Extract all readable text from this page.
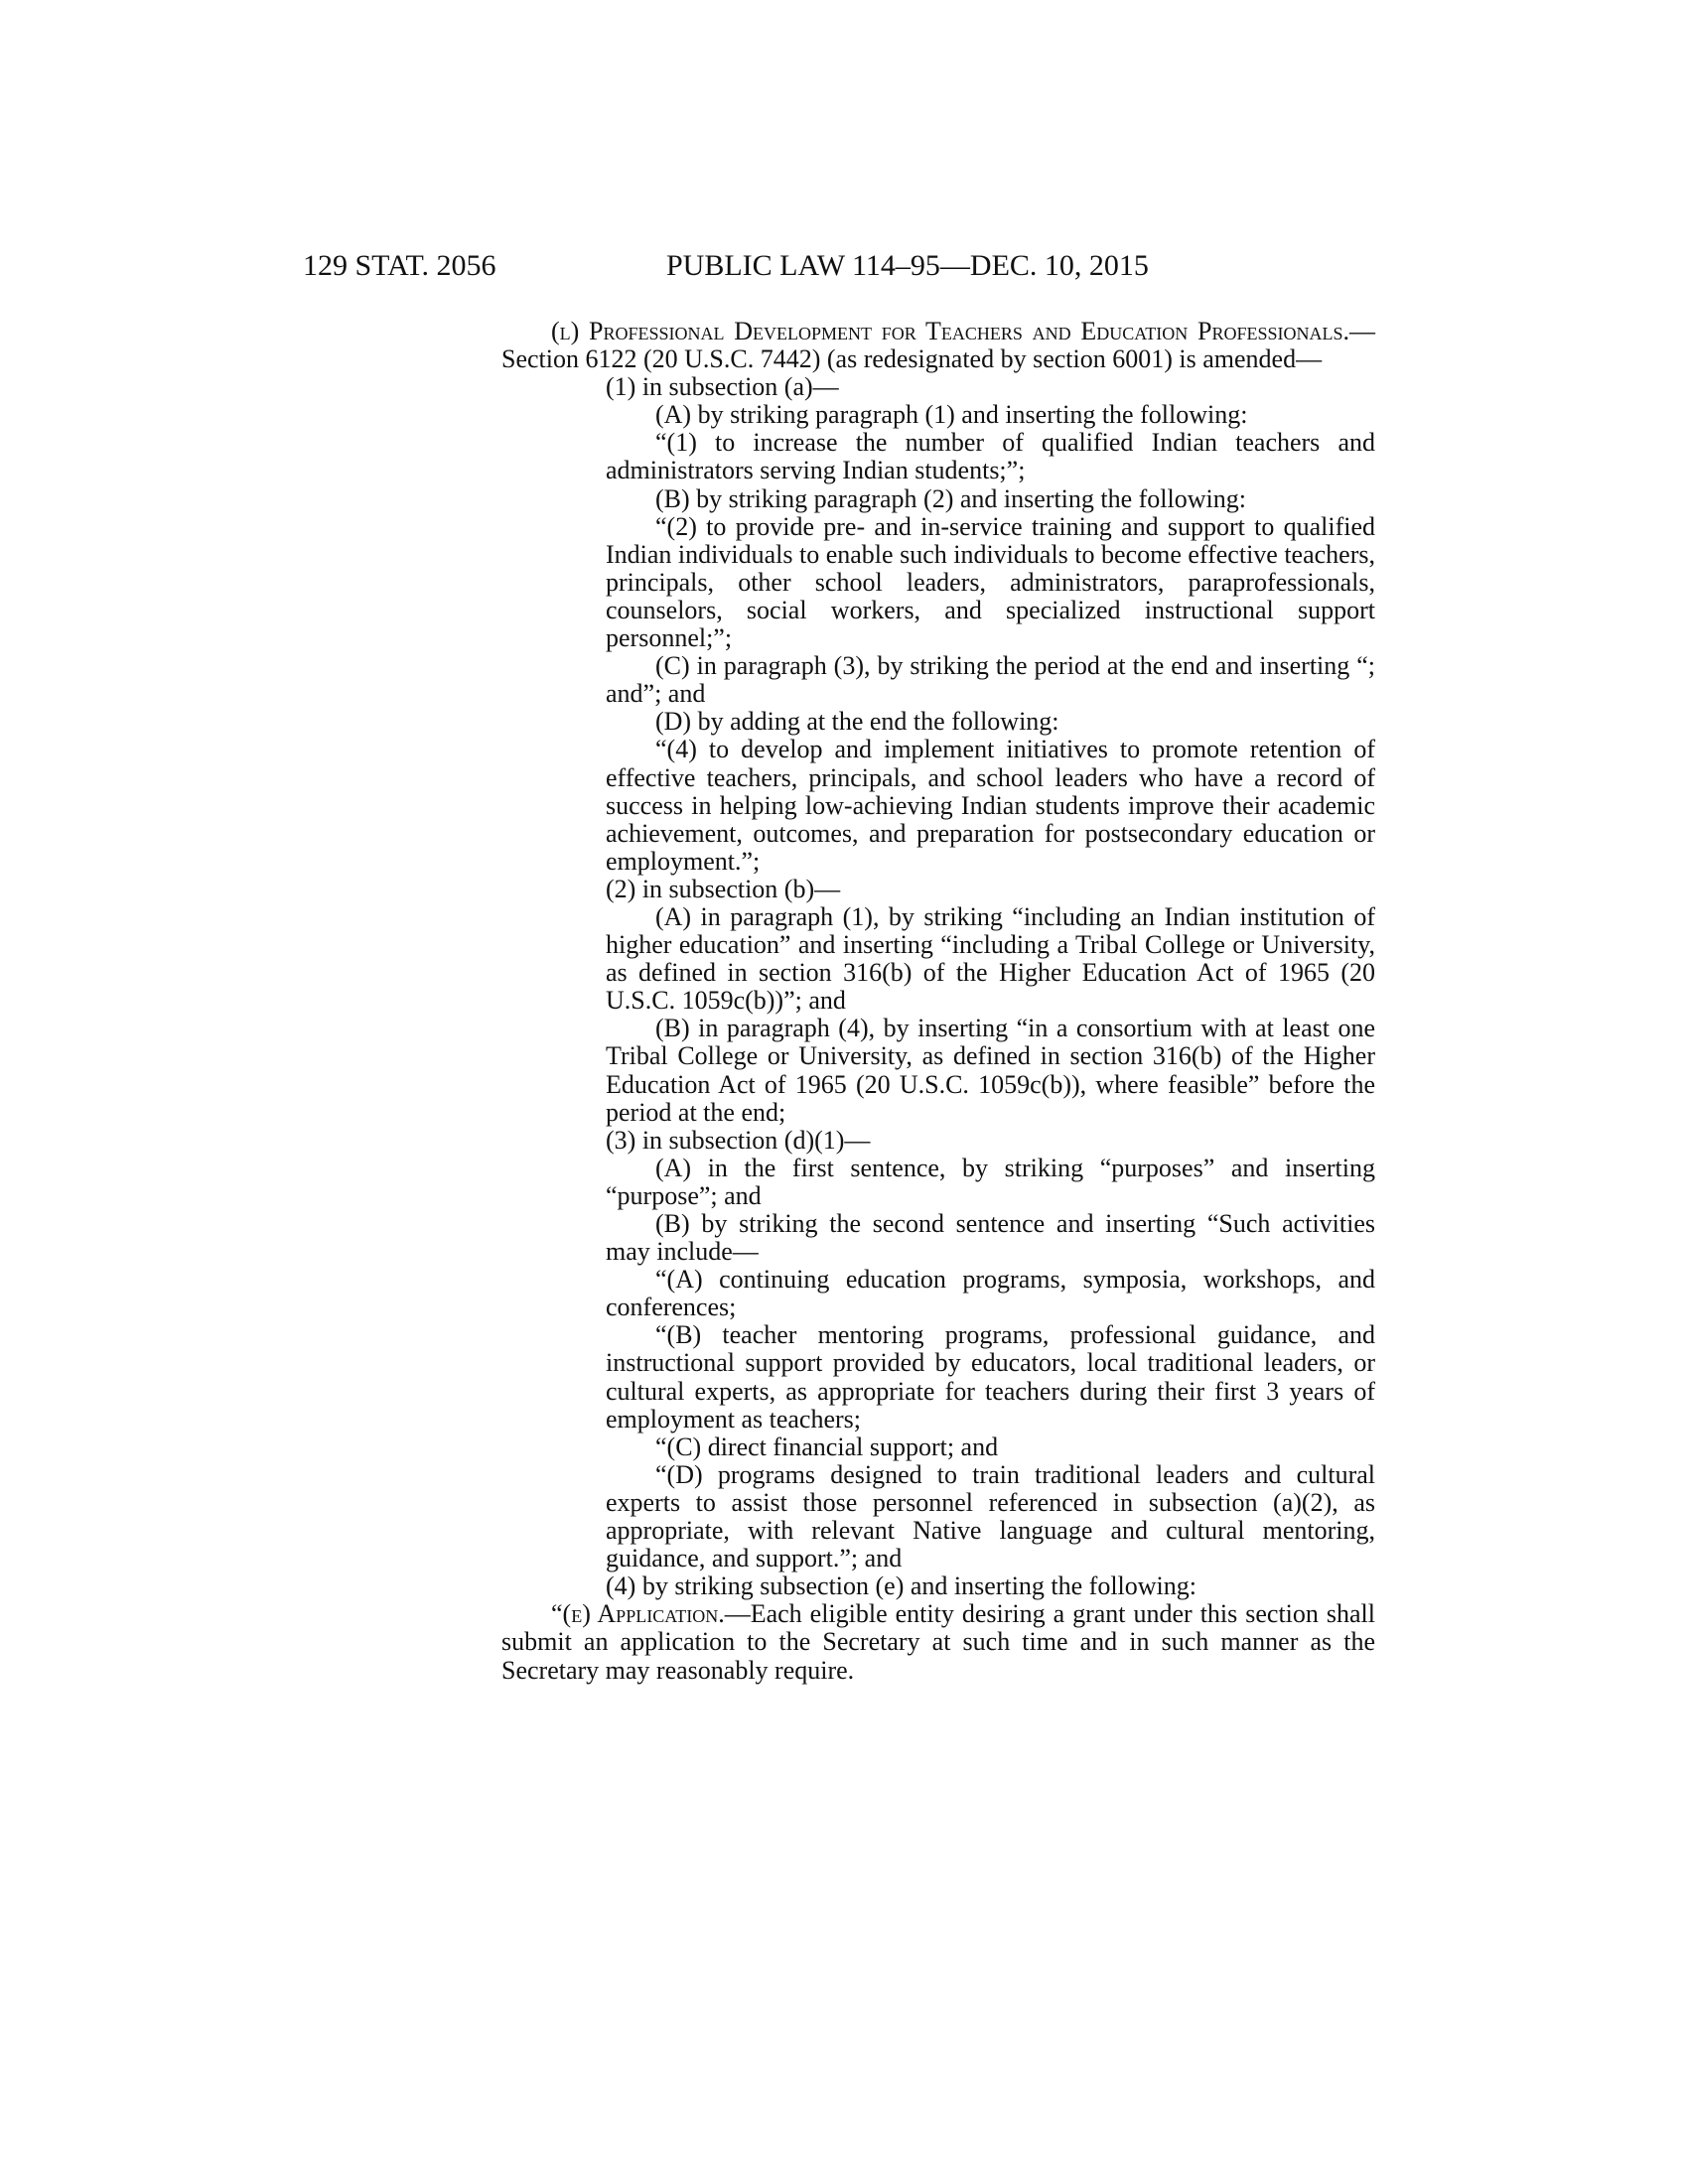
129 STAT. 2056	PUBLIC LAW 114–95—DEC. 10, 2015

(l) Professional Development for Teachers and Education Professionals.—Section 6122 (20 U.S.C. 7442) (as redesignated by section 6001) is amended—

(1) in subsection (a)—

(A) by striking paragraph (1) and inserting the following:

“(1) to increase the number of qualified Indian teachers and administrators serving Indian students;”;

(B) by striking paragraph (2) and inserting the following:

“(2) to provide pre- and in-service training and support to qualified Indian individuals to enable such individuals to become effective teachers, principals, other school leaders, administrators, paraprofessionals, counselors, social workers, and specialized instructional support personnel;”;

(C) in paragraph (3), by striking the period at the end and inserting “; and”; and

(D) by adding at the end the following:

“(4) to develop and implement initiatives to promote retention of effective teachers, principals, and school leaders who have a record of success in helping low-achieving Indian students improve their academic achievement, outcomes, and preparation for postsecondary education or employment.”;

(2) in subsection (b)—

(A) in paragraph (1), by striking “including an Indian institution of higher education” and inserting “including a Tribal College or University, as defined in section 316(b) of the Higher Education Act of 1965 (20 U.S.C. 1059c(b))”; and

(B) in paragraph (4), by inserting “in a consortium with at least one Tribal College or University, as defined in section 316(b) of the Higher Education Act of 1965 (20 U.S.C. 1059c(b)), where feasible” before the period at the end;

(3) in subsection (d)(1)—

(A) in the first sentence, by striking “purposes” and inserting “purpose”; and

(B) by striking the second sentence and inserting “Such activities may include—

“(A) continuing education programs, symposia, workshops, and conferences;

“(B) teacher mentoring programs, professional guidance, and instructional support provided by educators, local traditional leaders, or cultural experts, as appropriate for teachers during their first 3 years of employment as teachers;

“(C) direct financial support; and

“(D) programs designed to train traditional leaders and cultural experts to assist those personnel referenced in subsection (a)(2), as appropriate, with relevant Native language and cultural mentoring, guidance, and support.”; and

(4) by striking subsection (e) and inserting the following:

“(e) Application.—Each eligible entity desiring a grant under this section shall submit an application to the Secretary at such time and in such manner as the Secretary may reasonably require.
